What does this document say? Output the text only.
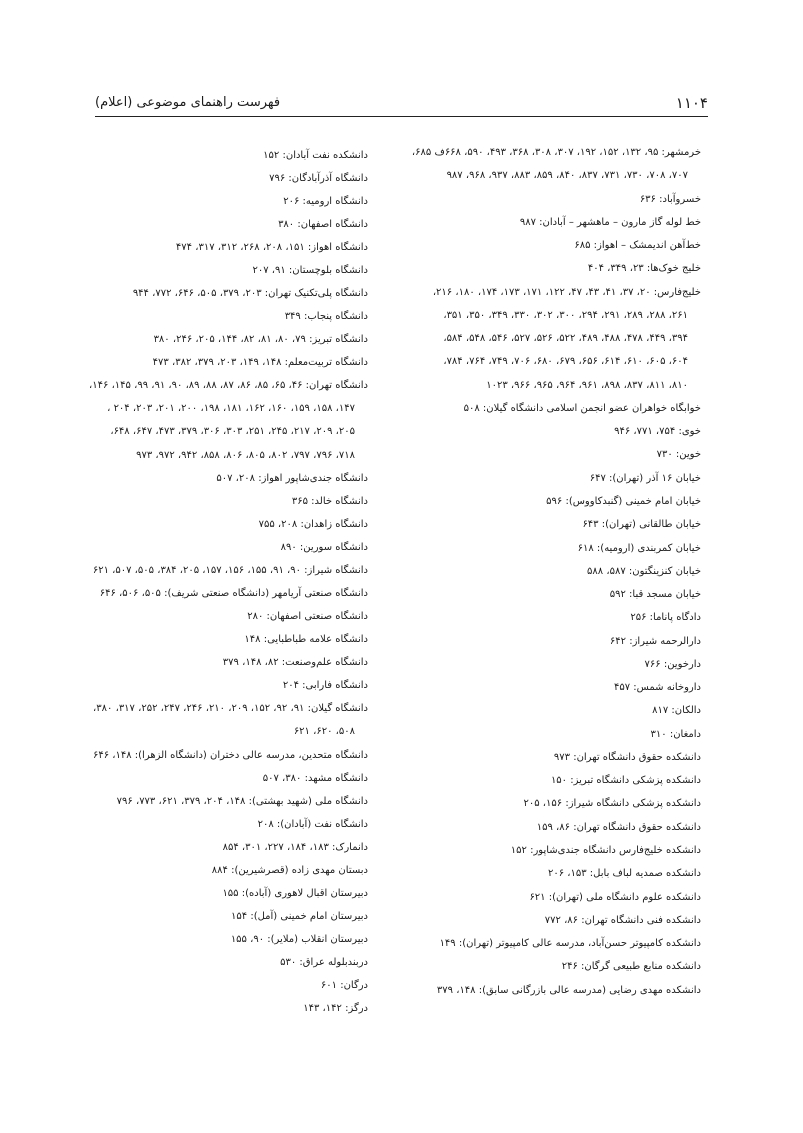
۱۱۰۴
فهرست راهنمای موضوعی (اعلام)
خرمشهر: ۹۵، ۱۳۲، ۱۵۲، ۱۹۲، ۳۰۷، ۳۰۸، ۳۶۸، ۴۹۳، ۵۹۰، ۶۶۸ف ۶۸۵،
۷۰۷، ۷۰۸، ۷۳۰، ۷۳۱، ۸۳۷، ۸۴۰، ۸۵۹، ۸۸۳، ۹۳۷، ۹۶۸، ۹۸۷
خسروآباد: ۶۳۶
خط لوله گاز مارون – ماهشهر – آبادان: ۹۸۷
خط‌آهن اندیمشک – اهواز: ۶۸۵
خلیج خوک‌ها: ۲۳، ۳۴۹، ۴۰۴
خلیج‌فارس: ۲۰، ۳۷، ۴۱، ۴۳، ۴۷، ۱۲۲، ۱۷۱، ۱۷۳، ۱۷۴، ۱۸۰، ۲۱۶،
۲۶۱، ۲۸۸، ۲۸۹، ۲۹۱، ۲۹۴، ۳۰۰، ۳۰۲، ۳۳۰، ۳۴۹، ۳۵۰، ۳۵۱،
۳۹۴، ۴۴۹، ۴۷۸، ۴۸۸، ۴۸۹، ۵۲۲، ۵۲۶، ۵۲۷، ۵۴۶، ۵۴۸، ۵۸۴،
۶۰۴، ۶۰۵، ۶۱۰، ۶۱۴، ۶۵۶، ۶۷۹، ۶۸۰، ۷۰۶، ۷۴۹، ۷۶۴، ۷۸۴،
۸۱۰، ۸۱۱، ۸۳۷، ۸۹۸، ۹۶۱، ۹۶۴، ۹۶۵، ۹۶۶، ۱۰۲۳
خوابگاه خواهران عضو انجمن اسلامی دانشگاه گیلان: ۵۰۸
خوی: ۷۵۴، ۷۷۱، ۹۴۶
خوین: ۷۳۰
خیابان ۱۶ آذر (تهران): ۶۴۷
خیابان امام خمینی (گنبدکاووس): ۵۹۶
خیابان طالقانی (تهران): ۶۴۳
خیابان کمربندی (ارومیه): ۶۱۸
خیابان کنزینگتون: ۵۸۷، ۵۸۸
خیابان مسجد قبا: ۵۹۲
دادگاه پاناما: ۲۵۶
دارالرحمه شیراز: ۶۴۲
دارخوین: ۷۶۶
داروخانه شمس: ۴۵۷
دالکان: ۸۱۷
دامغان: ۳۱۰
دانشکده حقوق دانشگاه تهران: ۹۷۳
دانشکده پزشکی دانشگاه تبریز: ۱۵۰
دانشکده پزشکی دانشگاه شیراز: ۱۵۶، ۲۰۵
دانشکده حقوق دانشگاه تهران: ۸۶، ۱۵۹
دانشکده خلیج‌فارس دانشگاه جندی‌شاپور: ۱۵۲
دانشکده صمدیه لباف بابل: ۱۵۳، ۲۰۶
دانشکده علوم دانشگاه ملی (تهران): ۶۲۱
دانشکده فنی دانشگاه تهران: ۸۶، ۷۷۲
دانشکده کامپیوتر حسن‌آباد، مدرسه عالی کامپیوتر (تهران): ۱۴۹
دانشکده منابع طبیعی گرگان: ۲۴۶
دانشکده مهدی رضایی (مدرسه عالی بازرگانی سابق): ۱۴۸، ۳۷۹
دانشکده نفت آبادان: ۱۵۲
دانشگاه آذرآبادگان: ۷۹۶
دانشگاه ارومیه: ۲۰۶
دانشگاه اصفهان: ۳۸۰
دانشگاه اهواز: ۱۵۱، ۲۰۸، ۲۶۸، ۳۱۲، ۳۱۷، ۴۷۴
دانشگاه بلوچستان: ۹۱، ۲۰۷
دانشگاه پلی‌تکنیک تهران: ۲۰۳، ۳۷۹، ۵۰۵، ۶۴۶، ۷۷۲، ۹۴۴
دانشگاه پنجاب: ۳۴۹
دانشگاه تبریز: ۷۹، ۸۰، ۸۱، ۸۲، ۱۴۴، ۲۰۵، ۲۴۶، ۳۸۰
دانشگاه تربیت‌معلم: ۱۴۸، ۱۴۹، ۲۰۳، ۳۷۹، ۳۸۲، ۴۷۳
دانشگاه تهران: ۴۶، ۶۵، ۸۵، ۸۶، ۸۷، ۸۸، ۸۹، ۹۰، ۹۱، ۹۹، ۱۴۵، ۱۴۶،
۱۴۷، ۱۵۸، ۱۵۹، ۱۶۰، ۱۶۲، ۱۸۱، ۱۹۸، ۲۰۰، ۲۰۱، ۲۰۳، ۲۰۴ ،
۲۰۵، ۲۰۹، ۲۱۷، ۲۴۵، ۲۵۱، ۳۰۳، ۳۰۶، ۳۷۹، ۴۷۳، ۶۴۷، ۶۴۸،
۷۱۸، ۷۹۶، ۷۹۷، ۸۰۲، ۸۰۵، ۸۰۶، ۸۵۸، ۹۴۲، ۹۷۲، ۹۷۳
دانشگاه جندی‌شاپور اهواز: ۲۰۸، ۵۰۷
دانشگاه خالد: ۳۶۵
دانشگاه زاهدان: ۲۰۸، ۷۵۵
دانشگاه سورین: ۸۹۰
دانشگاه شیراز: ۹۰، ۹۱، ۱۵۵، ۱۵۶، ۱۵۷، ۲۰۵، ۳۸۴، ۵۰۵، ۵۰۷، ۶۲۱
دانشگاه صنعتی آریامهر (دانشگاه صنعتی شریف): ۵۰۵، ۵۰۶، ۶۴۶
دانشگاه صنعتی اصفهان: ۲۸۰
دانشگاه علامه طباطبایی: ۱۴۸
دانشگاه علم‌وصنعت: ۸۲، ۱۴۸، ۳۷۹
دانشگاه فارابی: ۲۰۴
دانشگاه گیلان: ۹۱، ۹۲، ۱۵۲، ۲۰۹، ۲۱۰، ۲۴۶، ۲۴۷، ۲۵۲، ۳۱۷، ۳۸۰،
۵۰۸، ۶۲۰، ۶۲۱
دانشگاه متحدین، مدرسه عالی دختران (دانشگاه الزهرا): ۱۴۸، ۶۴۶
دانشگاه مشهد: ۳۸۰، ۵۰۷
دانشگاه ملی (شهید بهشتی): ۱۴۸، ۲۰۴، ۳۷۹، ۶۲۱، ۷۷۳، ۷۹۶
دانشگاه نفت (آبادان): ۲۰۸
دانمارک: ۱۸۳، ۱۸۴، ۲۲۷، ۳۰۱، ۸۵۴
دبستان مهدی زاده (قصرشیرین): ۸۸۴
دبیرستان اقبال لاهوری (آباده): ۱۵۵
دبیرستان امام خمینی (آمل): ۱۵۴
دبیرستان انقلاب (ملایر): ۹۰، ۱۵۵
دربندبلوله عراق: ۵۳۰
درگان: ۶۰۱
درگز: ۱۴۲، ۱۴۳
